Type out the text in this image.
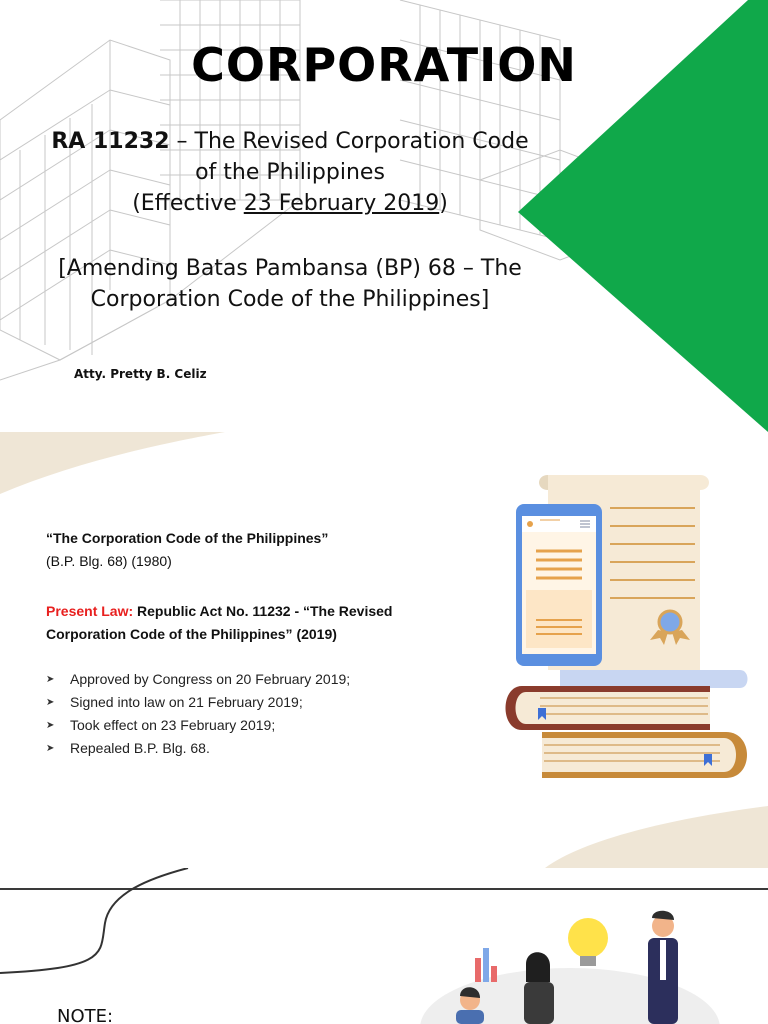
CORPORATION

RA 11232 – The Revised Corporation Code of the Philippines
(Effective 23 February 2019)

[Amending Batas Pambansa (BP) 68 – The Corporation Code of the Philippines]

Atty. Pretty B. Celiz

“The Corporation Code of the Philippines”

(B.P. Blg. 68) (1980)

Present Law: Republic Act No. 11232 - “The Revised Corporation Code of the Philippines” (2019)

➤	Approved by Congress on 20 February 2019;
➤	Signed into law on 21 February 2019;
➤	Took effect on 23 February 2019;
➤	Repealed B.P. Blg. 68.

NOTE:
